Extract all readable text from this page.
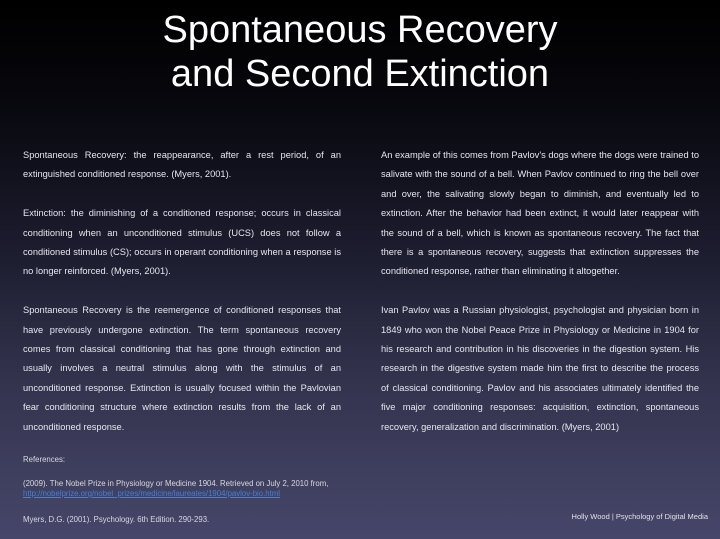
Spontaneous Recovery
and Second Extinction

Spontaneous Recovery: the reappearance, after a rest period, of an extinguished conditioned response. (Myers, 2001).

Extinction: the diminishing of a conditioned response; occurs in classical conditioning when an unconditioned stimulus (UCS) does not follow a conditioned stimulus (CS); occurs in operant conditioning when a response is no longer reinforced. (Myers, 2001).

Spontaneous Recovery is the reemergence of conditioned responses that have previously undergone extinction. The term spontaneous recovery comes from classical conditioning that has gone through extinction and usually involves a neutral stimulus along with the stimulus of an unconditioned response. Extinction is usually focused within the Pavlovian fear conditioning structure where extinction results from the lack of an unconditioned response.

An example of this comes from Pavlov's dogs where the dogs were trained to salivate with the sound of a bell. When Pavlov continued to ring the bell over and over, the salivating slowly began to diminish, and eventually led to extinction. After the behavior had been extinct, it would later reappear with the sound of a bell, which is known as spontaneous recovery. The fact that there is a spontaneous recovery, suggests that extinction suppresses the conditioned response, rather than eliminating it altogether.

Ivan Pavlov was a Russian physiologist, psychologist and physician born in 1849 who won the Nobel Peace Prize in Physiology or Medicine in 1904 for his research and contribution in his discoveries in the digestion system. His research in the digestive system made him the first to describe the process of classical conditioning. Pavlov and his associates ultimately identified the five major conditioning responses: acquisition, extinction, spontaneous recovery, generalization and discrimination. (Myers, 2001)

References:

(2009). The Nobel Prize in Physiology or Medicine 1904. Retrieved on July 2, 2010 from,

http://nobelprize.org/nobel_prizes/medicine/laureates/1904/pavlov-bio.html

Myers, D.G. (2001). Psychology. 6th Edition. 290-293.	Holly Wood | Psychology of Digital Media
